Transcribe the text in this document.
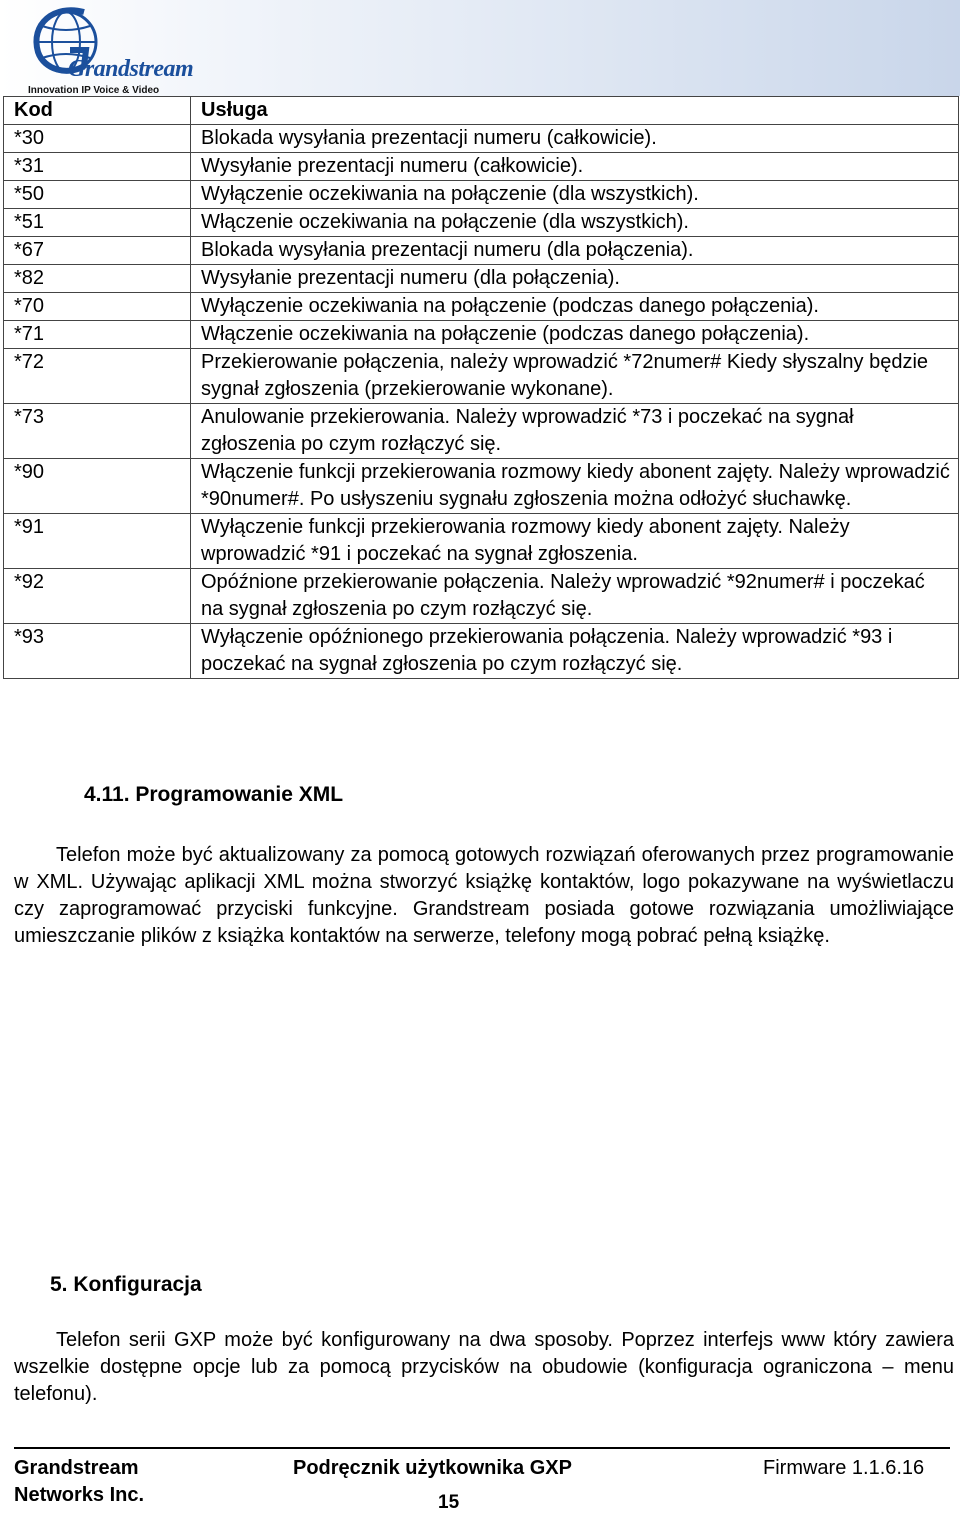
Grandstream
Innovation IP Voice & Video
Kod	Usługa
*30	Blokada wysyłania prezentacji numeru (całkowicie).
*31	Wysyłanie prezentacji numeru (całkowicie).
*50	Wyłączenie oczekiwania na połączenie (dla wszystkich).
*51	Włączenie oczekiwania na połączenie (dla wszystkich).
*67	Blokada wysyłania prezentacji numeru (dla połączenia).
*82	Wysyłanie prezentacji numeru (dla połączenia).
*70	Wyłączenie oczekiwania na połączenie (podczas danego połączenia).
*71	Włączenie oczekiwania na połączenie (podczas danego połączenia).
*72	Przekierowanie połączenia, należy wprowadzić *72numer# Kiedy słyszalny będzie sygnał zgłoszenia (przekierowanie wykonane).
*73	Anulowanie przekierowania. Należy wprowadzić *73 i poczekać na sygnał zgłoszenia po czym rozłączyć się.
*90	Włączenie funkcji przekierowania rozmowy kiedy abonent zajęty. Należy wprowadzić *90numer#. Po usłyszeniu sygnału zgłoszenia można odłożyć słuchawkę.
*91	Wyłączenie funkcji przekierowania rozmowy kiedy abonent zajęty. Należy wprowadzić *91 i poczekać na sygnał zgłoszenia.
*92	Opóźnione przekierowanie połączenia. Należy wprowadzić *92numer# i poczekać na sygnał zgłoszenia po czym rozłączyć się.
*93	Wyłączenie opóźnionego przekierowania połączenia. Należy wprowadzić *93 i poczekać na sygnał zgłoszenia po czym rozłączyć się.
4.11. Programowanie XML
Telefon może być aktualizowany za pomocą gotowych rozwiązań oferowanych przez programowanie w XML. Używając aplikacji XML można stworzyć książkę kontaktów, logo pokazywane na wyświetlaczu czy zaprogramować przyciski funkcyjne. Grandstream posiada gotowe rozwiązania umożliwiające umieszczanie plików z książka kontaktów na serwerze, telefony mogą pobrać pełną książkę.
5. Konfiguracja
Telefon serii GXP może być konfigurowany na dwa sposoby. Poprzez interfejs www który zawiera wszelkie dostępne opcje lub za pomocą przycisków na obudowie (konfiguracja ograniczona – menu telefonu).
Grandstream Networks Inc.
Podręcznik użytkownika GXP	Firmware 1.1.6.16
15
